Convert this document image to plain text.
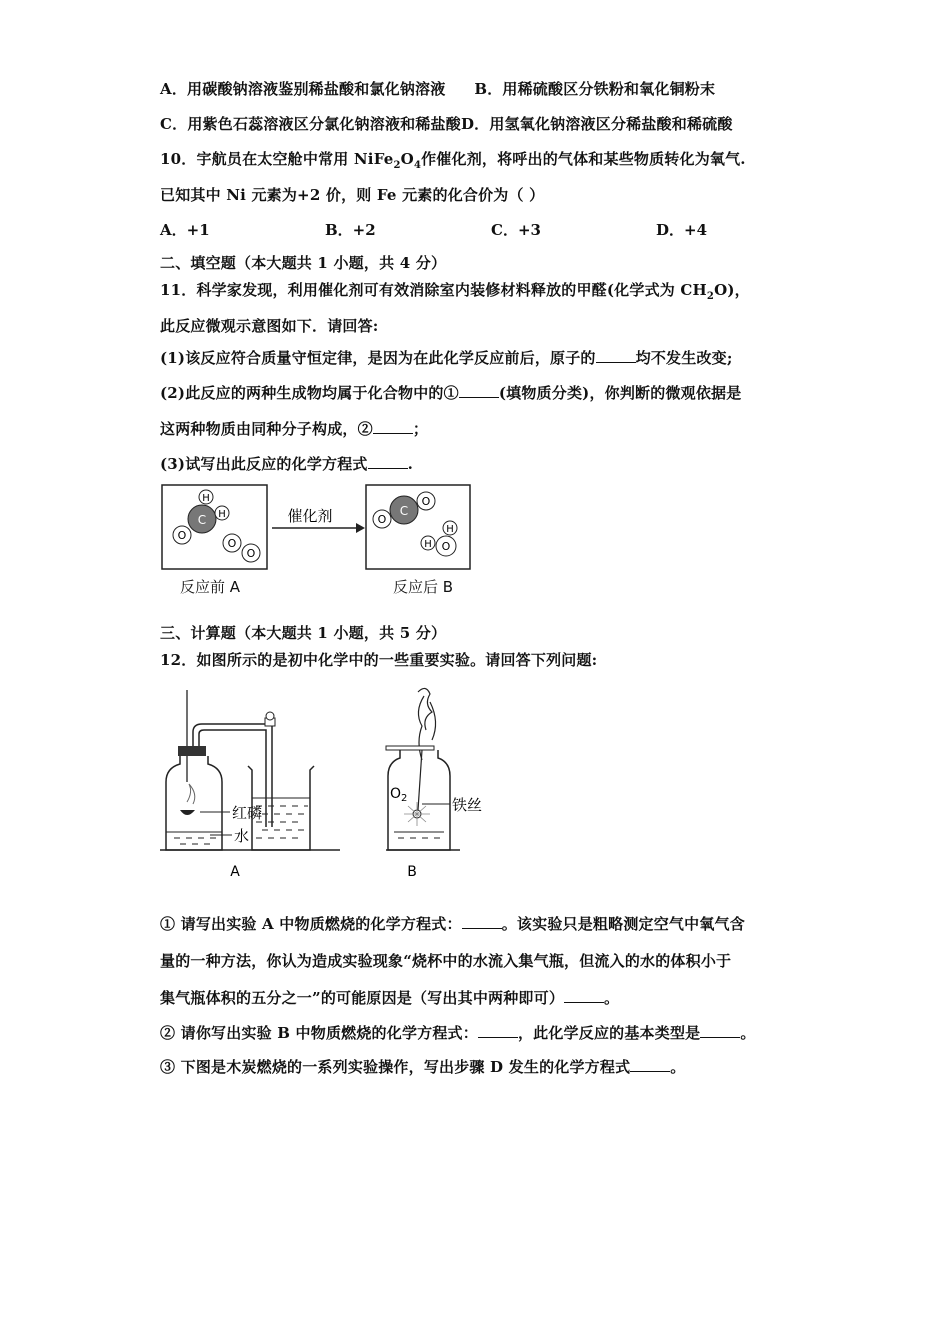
A．用碳酸钠溶液鉴别稀盐酸和氯化钠溶液 B．用稀硫酸区分铁粉和氧化铜粉末
C．用紫色石蕊溶液区分氯化钠溶液和稀盐酸D．用氢氧化钠溶液区分稀盐酸和稀硫酸
10．宇航员在太空舱中常用 $NiFe_2O_4$作催化剂，将呼出的气体和某些物质转化为氧气.
已知其中 Ni 元素为+2 价，则 Fe 元素的化合价为（ ）
A．+1	B．+2	C．+3	D．+4
二、填空题（本大题共 1 小题，共 4 分）
11．科学家发现，利用催化剂可有效消除室内装修材料释放的甲醛(化学式为 $CH_2O$)，
此反应微观示意图如下．请回答:
(1)该反应符合质量守恒定律，是因为在此化学反应前后，原子的	均不发生改变;
(2)此反应的两种生成物均属于化合物中的①	(填物质分类)，你判断的微观依据是
这两种物质由同种分子构成，②	；
(3)试写出此反应的化学方程式	.
H
C H
O
O
O
催化剂	O
C
O
H
O
H
反应前 A	反应后 B
三、计算题（本大题共 1 小题，共 5 分）
12．如图所示的是初中化学中的一些重要实验。请回答下列问题:
红磷
水
A
$O_2$	铁丝
B
① 请写出实验 A 中物质燃烧的化学方程式：	。该实验只是粗略测定空气中氧气含
量的一种方法，你认为造成实验现象“烧杯中的水流入集气瓶，但流入的水的体积小于
集气瓶体积的五分之一”的可能原因是（写出其中两种即可）	。
② 请你写出实验 B 中物质燃烧的化学方程式：	，此化学反应的基本类型是	。
③ 下图是木炭燃烧的一系列实验操作，写出步骤 D 发生的化学方程式	。
